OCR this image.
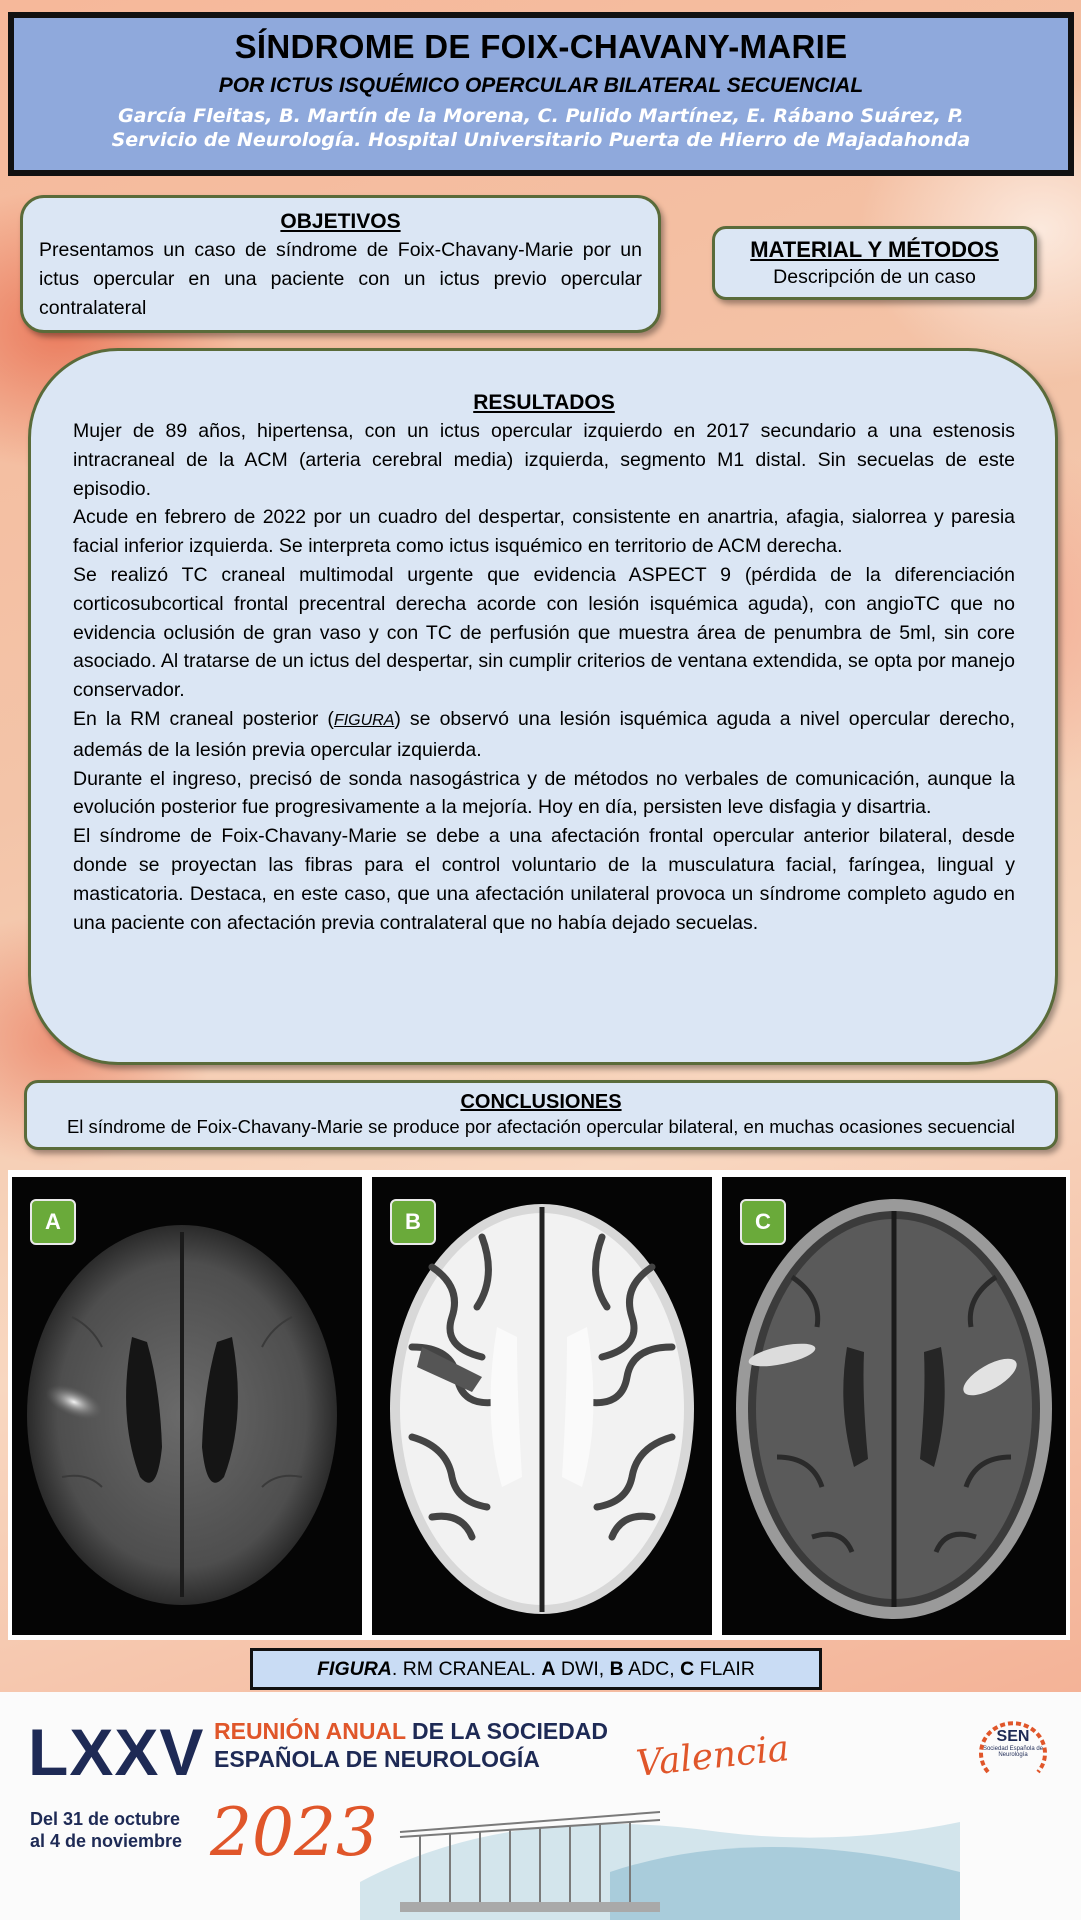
SÍNDROME DE FOIX-CHAVANY-MARIE
POR ICTUS ISQUÉMICO OPERCULAR BILATERAL SECUENCIAL
García Fleitas, B. Martín de la Morena, C. Pulido Martínez, E. Rábano Suárez, P.
Servicio de Neurología. Hospital Universitario Puerta de Hierro de Majadahonda
OBJETIVOS

Presentamos un caso de síndrome de Foix-Chavany-Marie por un ictus opercular en una paciente con un ictus previo opercular contralateral

MATERIAL Y MÉTODOS
Descripción de un caso
RESULTADOS

Mujer de 89 años, hipertensa, con un ictus opercular izquierdo en 2017 secundario a una estenosis intracraneal de la ACM (arteria cerebral media) izquierda, segmento M1 distal. Sin secuelas de este episodio.

Acude en febrero de 2022 por un cuadro del despertar, consistente en anartria, afagia, sialorrea y paresia facial inferior izquierda. Se interpreta como ictus isquémico en territorio de ACM derecha.

Se realizó TC craneal multimodal urgente que evidencia ASPECT 9 (pérdida de la diferenciación corticosubcortical frontal precentral derecha acorde con lesión isquémica aguda), con angioTC que no evidencia oclusión de gran vaso y con TC de perfusión que muestra área de penumbra de 5ml, sin core asociado. Al tratarse de un ictus del despertar, sin cumplir criterios de ventana extendida, se opta por manejo conservador.

En la RM craneal posterior (FIGURA) se observó una lesión isquémica aguda a nivel opercular derecho, además de la lesión previa opercular izquierda.

Durante el ingreso, precisó de sonda nasogástrica y de métodos no verbales de comunicación, aunque la evolución posterior fue progresivamente a la mejoría. Hoy en día, persisten leve disfagia y disartria.

El síndrome de Foix-Chavany-Marie se debe a una afectación frontal opercular anterior bilateral, desde donde se proyectan las fibras para el control voluntario de la musculatura facial, faríngea, lingual y masticatoria. Destaca, en este caso, que una afectación unilateral provoca un síndrome completo agudo en una paciente con afectación previa contralateral que no había dejado secuelas.

CONCLUSIONES
El síndrome de Foix-Chavany-Marie se produce por afectación opercular bilateral, en muchas ocasiones secuencial
A	B	C
FIGURA. RM CRANEAL. A DWI, B ADC, C FLAIR
LXXV REUNIÓN ANUAL DE LA SOCIEDAD
ESPAÑOLA DE NEUROLOGÍA
Del 31 de octubre
al 4 de noviembre 2023
Valencia	SEN
Sociedad Española de Neurología
